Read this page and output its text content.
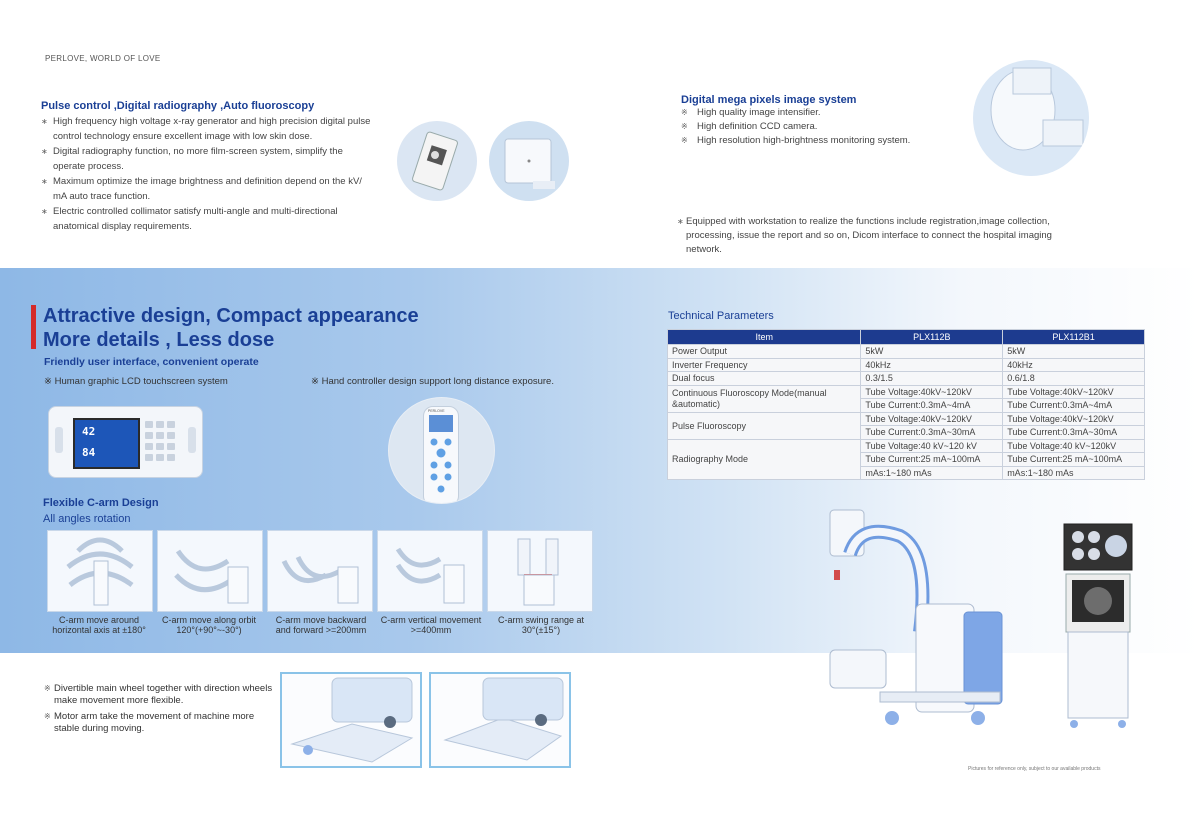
PERLOVE, WORLD OF LOVE
Pulse control ,Digital radiography ,Auto fluoroscopy
∗ High frequency high voltage x-ray generator and high precision digital pulse control technology ensure excellent image with low skin dose.
∗ Digital radiography function, no more film-screen system, simplify the operate process.
∗ Maximum optimize the image brightness and definition depend on the kV/ mA auto trace function.
∗ Electric controlled collimator satisfy multi-angle and multi-directional anatomical display requirements.
Digital mega pixels image system
※ High quality image intensifier.
※ High definition CCD camera.
※ High resolution high-brightness monitoring system.
∗ Equipped with workstation to realize the functions include registration,image collection, processing, issue the report and so on, Dicom interface to connect the hospital imaging network.
Attractive design, Compact appearance
More details , Less dose
Friendly user interface, convenient operate
※ Human graphic LCD touchscreen system	※ Hand controller design support long distance exposure.
42
84
PERLOVE
Flexible C-arm Design
All angles rotation
C-arm move around
horizontal axis at ±180°
C-arm move along orbit
120°(+90°~-30°)
C-arm move backward
and forward >=200mm
C-arm vertical movement
>=400mm
C-arm swing range at
30°(±15°)
Technical Parameters
Item	PLX112B	PLX112B1
Power Output	5kW	5kW
Inverter Frequency	40kHz	40kHz
Dual focus	0.3/1.5	0.6/1.8
Continuous Fluoroscopy Mode(manual &automatic)	Tube Voltage:40kV~120kV	Tube Voltage:40kV~120kV
	Tube Current:0.3mA~4mA	Tube Current:0.3mA~4mA
Pulse Fluoroscopy	Tube Voltage:40kV~120kV	Tube Voltage:40kV~120kV
	Tube Current:0.3mA~30mA	Tube Current:0.3mA~30mA
Radiography Mode	Tube Voltage:40 kV~120 kV	Tube Voltage:40 kV~120kV
	Tube Current:25 mA~100mA	Tube Current:25 mA~100mA
	mAs:1~180 mAs	mAs:1~180 mAs
※ Divertible main wheel together with direction wheels make movement more flexible.
※ Motor arm take the movement of machine more stable during moving.
Pictures for reference only, subject to our available products
